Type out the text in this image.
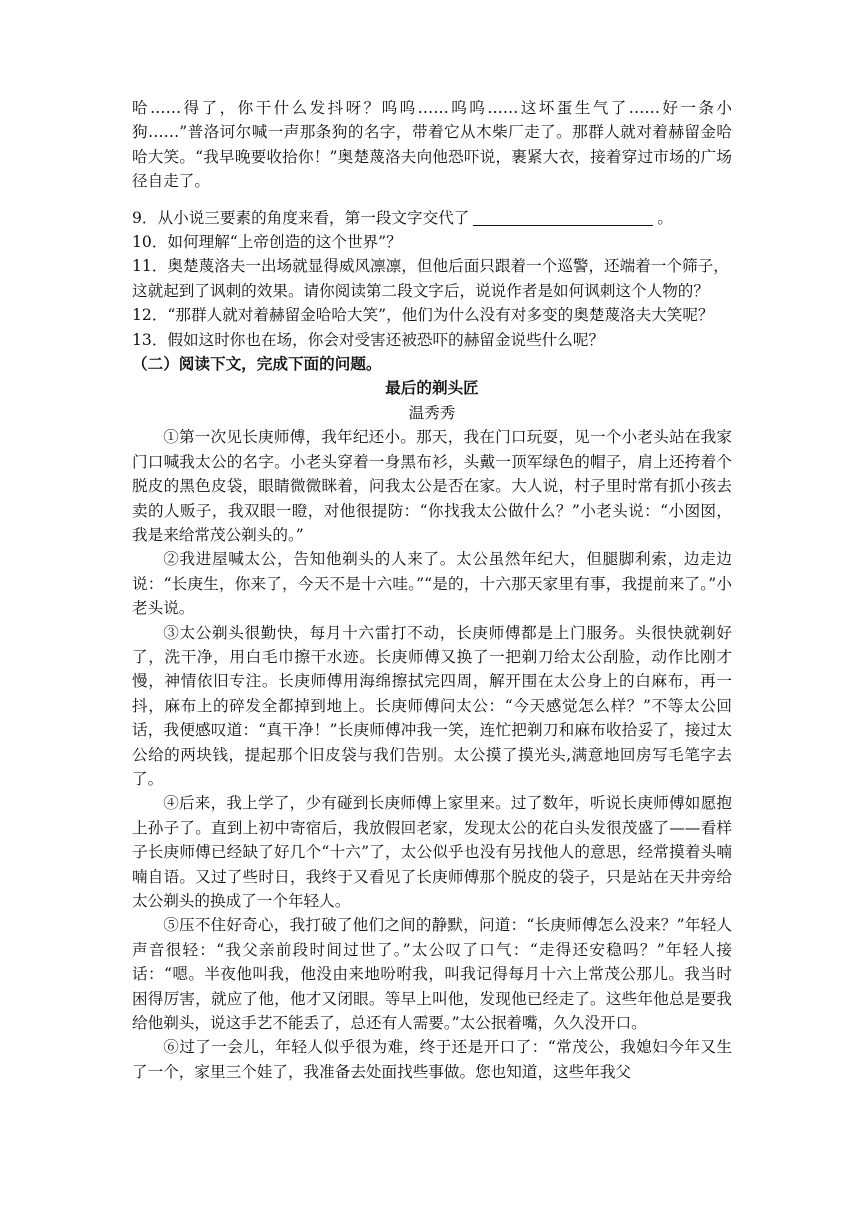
哈……得了，你干什么发抖呀？呜呜……呜呜……这坏蛋生气了……好一条小狗……”普洛诃尔喊一声那条狗的名字，带着它从木柴厂走了。那群人就对着赫留金哈哈大笑。“我早晚要收拾你！”奥楚蔑洛夫向他恐吓说，裹紧大衣，接着穿过市场的广场径自走了。

9．从小说三要素的角度来看，第一段文字交代了	。

10．如何理解“上帝创造的这个世界”？

11．奥楚蔑洛夫一出场就显得威风凛凛，但他后面只跟着一个巡警，还端着一个筛子，这就起到了讽刺的效果。请你阅读第二段文字后，说说作者是如何讽刺这个人物的？

12．“那群人就对着赫留金哈哈大笑”，他们为什么没有对多变的奥楚蔑洛夫大笑呢？

13．假如这时你也在场，你会对受害还被恐吓的赫留金说些什么呢？

（二）阅读下文，完成下面的问题。

最后的剃头匠

温秀秀

①第一次见长庚师傅，我年纪还小。那天，我在门口玩耍，见一个小老头站在我家门口喊我太公的名字。小老头穿着一身黑布衫，头戴一顶军绿色的帽子，肩上还挎着个脱皮的黑色皮袋，眼睛微微眯着，问我太公是否在家。大人说，村子里时常有抓小孩去卖的人贩子，我双眼一瞪，对他很提防：“你找我太公做什么？”小老头说：“小囡囡，我是来给常茂公剃头的。”

②我进屋喊太公，告知他剃头的人来了。太公虽然年纪大，但腿脚利索，边走边说：“长庚生，你来了，今天不是十六哇。”“是的，十六那天家里有事，我提前来了。”小老头说。

③太公剃头很勤快，每月十六雷打不动，长庚师傅都是上门服务。头很快就剃好了，洗干净，用白毛巾擦干水迹。长庚师傅又换了一把剃刀给太公刮脸，动作比刚才慢，神情依旧专注。长庚师傅用海绵擦拭完四周，解开围在太公身上的白麻布，再一抖，麻布上的碎发全都掉到地上。长庚师傅问太公：“今天感觉怎么样？”不等太公回话，我便感叹道：“真干净！”长庚师傅冲我一笑，连忙把剃刀和麻布收拾妥了，接过太公给的两块钱，提起那个旧皮袋与我们告别。太公摸了摸光头,满意地回房写毛笔字去了。

④后来，我上学了，少有碰到长庚师傅上家里来。过了数年，听说长庚师傅如愿抱上孙子了。直到上初中寄宿后，我放假回老家，发现太公的花白头发很茂盛了——看样子长庚师傅已经缺了好几个“十六”了，太公似乎也没有另找他人的意思，经常摸着头喃喃自语。又过了些时日，我终于又看见了长庚师傅那个脱皮的袋子，只是站在天井旁给太公剃头的换成了一个年轻人。

⑤压不住好奇心，我打破了他们之间的静默，问道：“长庚师傅怎么没来？”年轻人声音很轻：“我父亲前段时间过世了。”太公叹了口气：“走得还安稳吗？”年轻人接话：“嗯。半夜他叫我，他没由来地吩咐我，叫我记得每月十六上常茂公那儿。我当时困得厉害，就应了他，他才又闭眼。等早上叫他，发现他已经走了。这些年他总是要我给他剃头，说这手艺不能丢了，总还有人需要。”太公抿着嘴，久久没开口。

⑥过了一会儿，年轻人似乎很为难，终于还是开口了：“常茂公，我媳妇今年又生了一个，家里三个娃了，我准备去处面找些事做。您也知道，这些年我父
